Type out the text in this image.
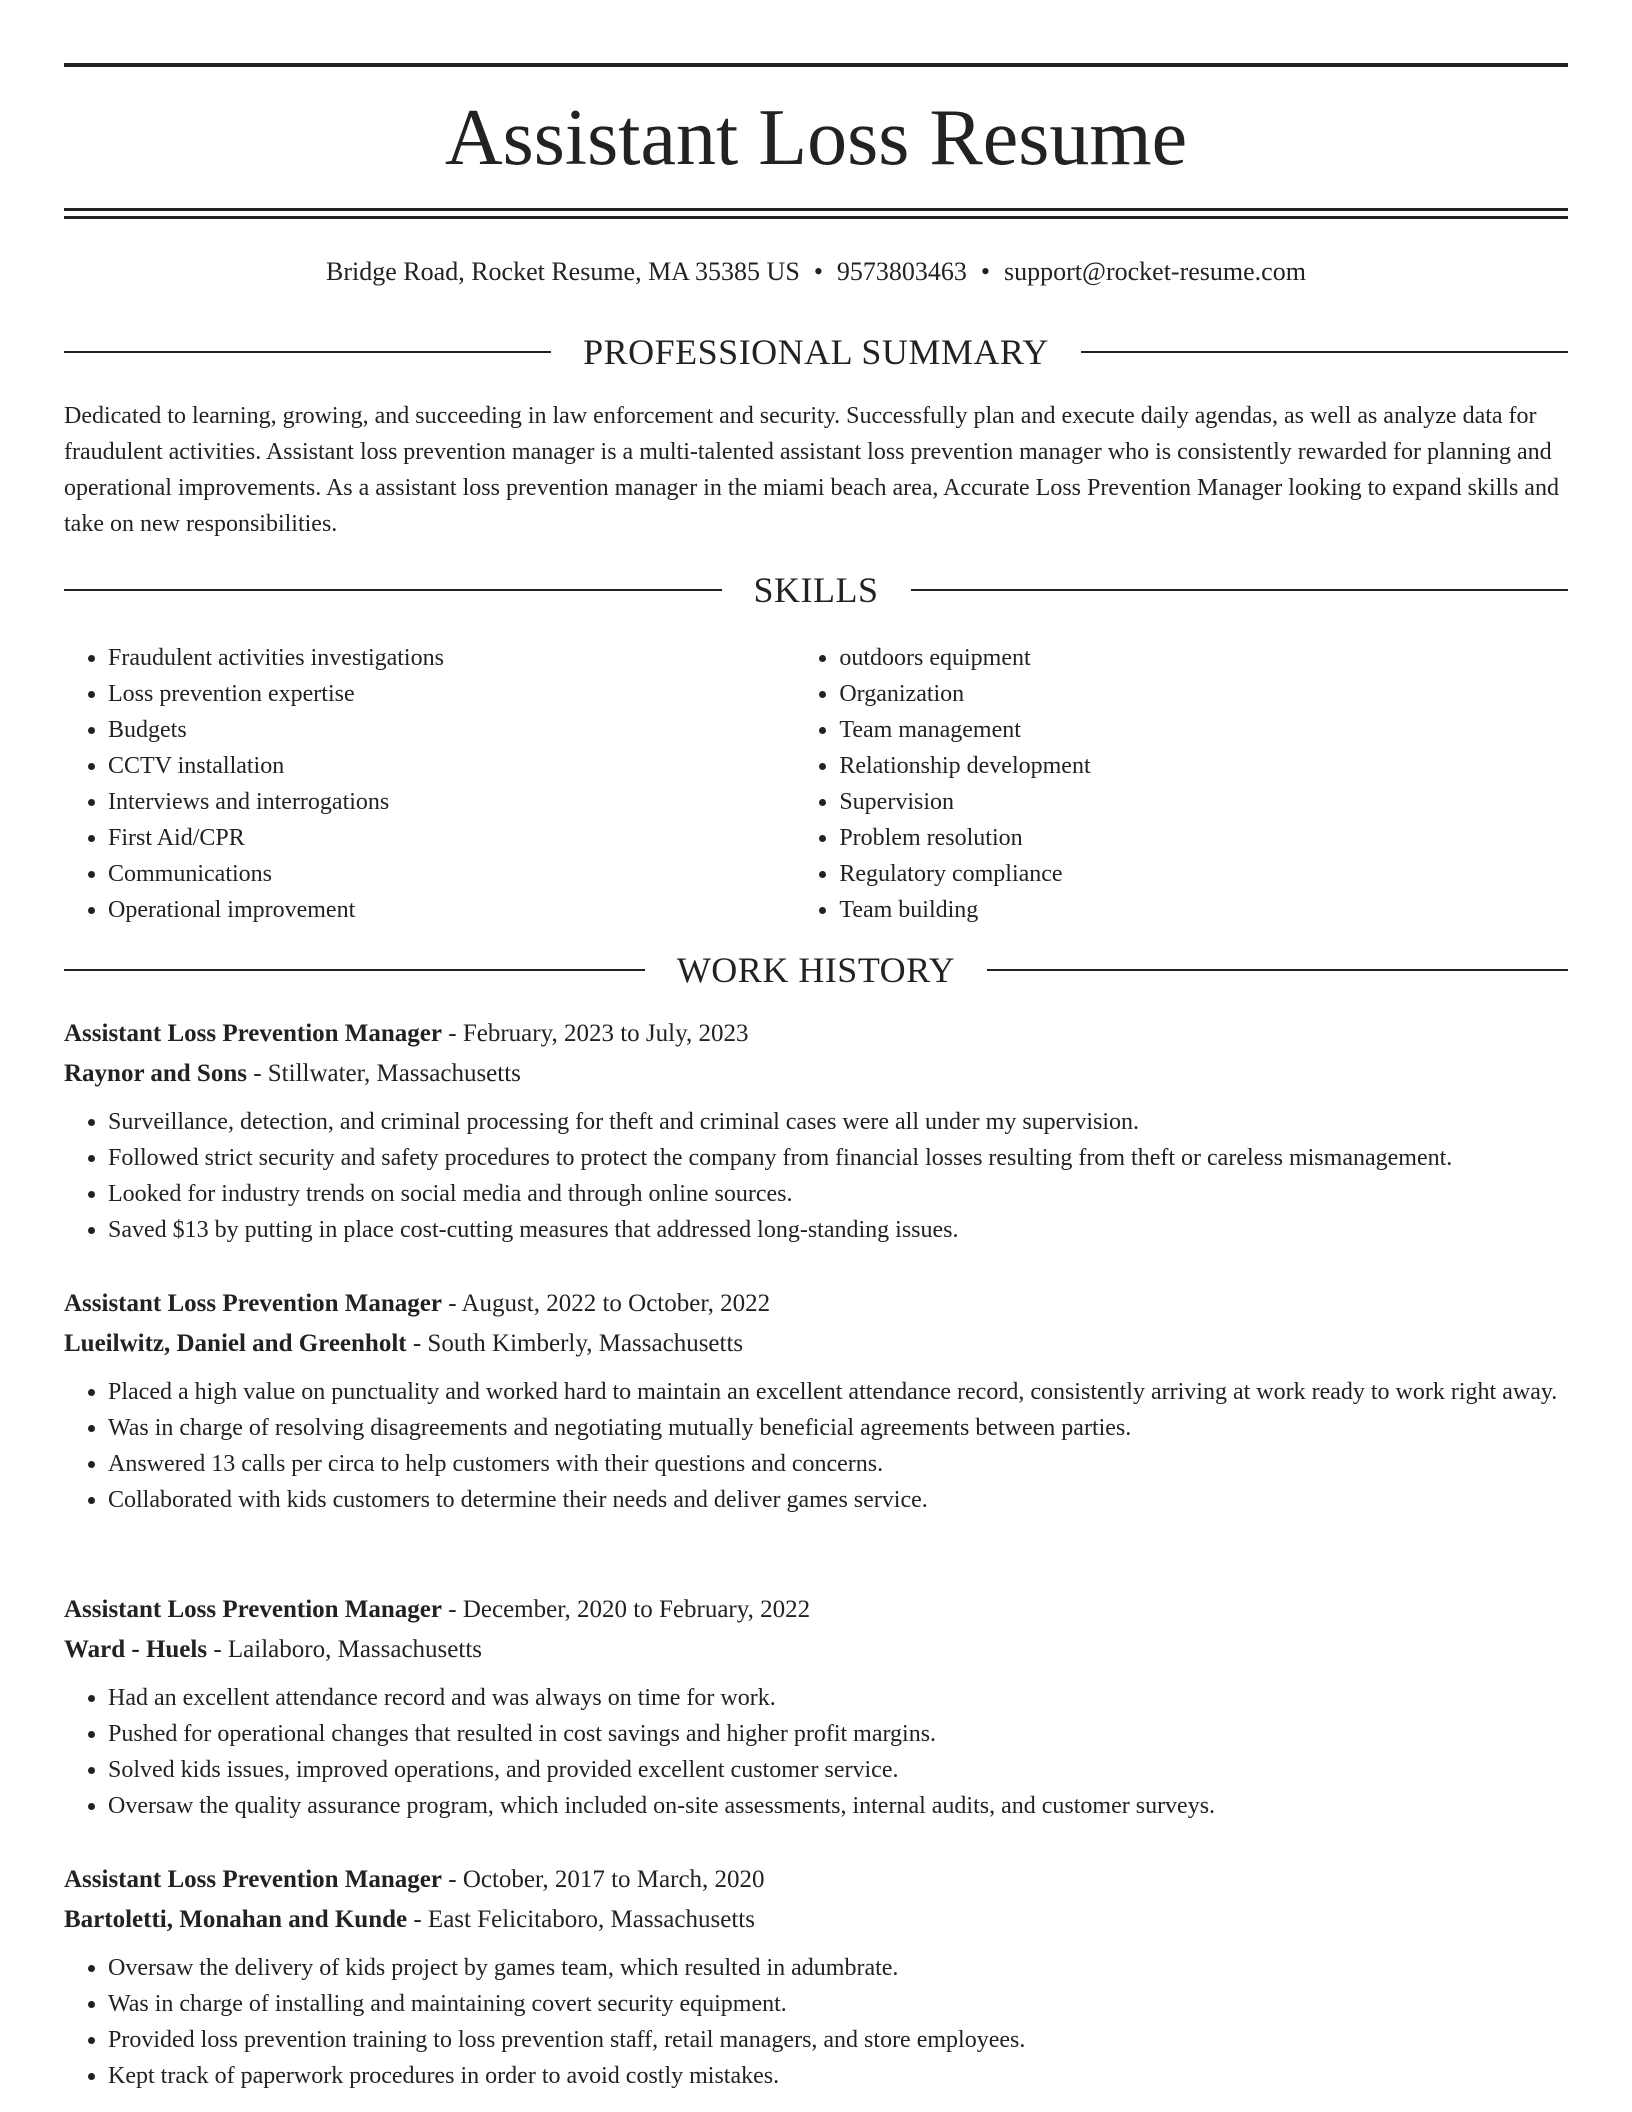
Assistant Loss Resume
Bridge Road, Rocket Resume, MA 35385 US • 9573803463 • support@rocket-resume.com
PROFESSIONAL SUMMARY

Dedicated to learning, growing, and succeeding in law enforcement and security. Successfully plan and execute daily agendas, as well as analyze data for fraudulent activities. Assistant loss prevention manager is a multi-talented assistant loss prevention manager who is consistently rewarded for planning and operational improvements. As a assistant loss prevention manager in the miami beach area, Accurate Loss Prevention Manager looking to expand skills and take on new responsibilities.

SKILLS
• Fraudulent activities investigations
• Loss prevention expertise
• Budgets
• CCTV installation
• Interviews and interrogations
• First Aid/CPR
• Communications
• Operational improvement
• outdoors equipment
• Organization
• Team management
• Relationship development
• Supervision
• Problem resolution
• Regulatory compliance
• Team building
WORK HISTORY
Assistant Loss Prevention Manager - February, 2023 to July, 2023
Raynor and Sons - Stillwater, Massachusetts
• Surveillance, detection, and criminal processing for theft and criminal cases were all under my supervision.
• Followed strict security and safety procedures to protect the company from financial losses resulting from theft or careless mismanagement.
• Looked for industry trends on social media and through online sources.
• Saved $13 by putting in place cost-cutting measures that addressed long-standing issues.
Assistant Loss Prevention Manager - August, 2022 to October, 2022
Lueilwitz, Daniel and Greenholt - South Kimberly, Massachusetts
• Placed a high value on punctuality and worked hard to maintain an excellent attendance record, consistently arriving at work ready to work right away.
• Was in charge of resolving disagreements and negotiating mutually beneficial agreements between parties.
• Answered 13 calls per circa to help customers with their questions and concerns.
• Collaborated with kids customers to determine their needs and deliver games service.
Assistant Loss Prevention Manager - December, 2020 to February, 2022
Ward - Huels - Lailaboro, Massachusetts
• Had an excellent attendance record and was always on time for work.
• Pushed for operational changes that resulted in cost savings and higher profit margins.
• Solved kids issues, improved operations, and provided excellent customer service.
• Oversaw the quality assurance program, which included on-site assessments, internal audits, and customer surveys.
Assistant Loss Prevention Manager - October, 2017 to March, 2020
Bartoletti, Monahan and Kunde - East Felicitaboro, Massachusetts
• Oversaw the delivery of kids project by games team, which resulted in adumbrate.
• Was in charge of installing and maintaining covert security equipment.
• Provided loss prevention training to loss prevention staff, retail managers, and store employees.
• Kept track of paperwork procedures in order to avoid costly mistakes.
